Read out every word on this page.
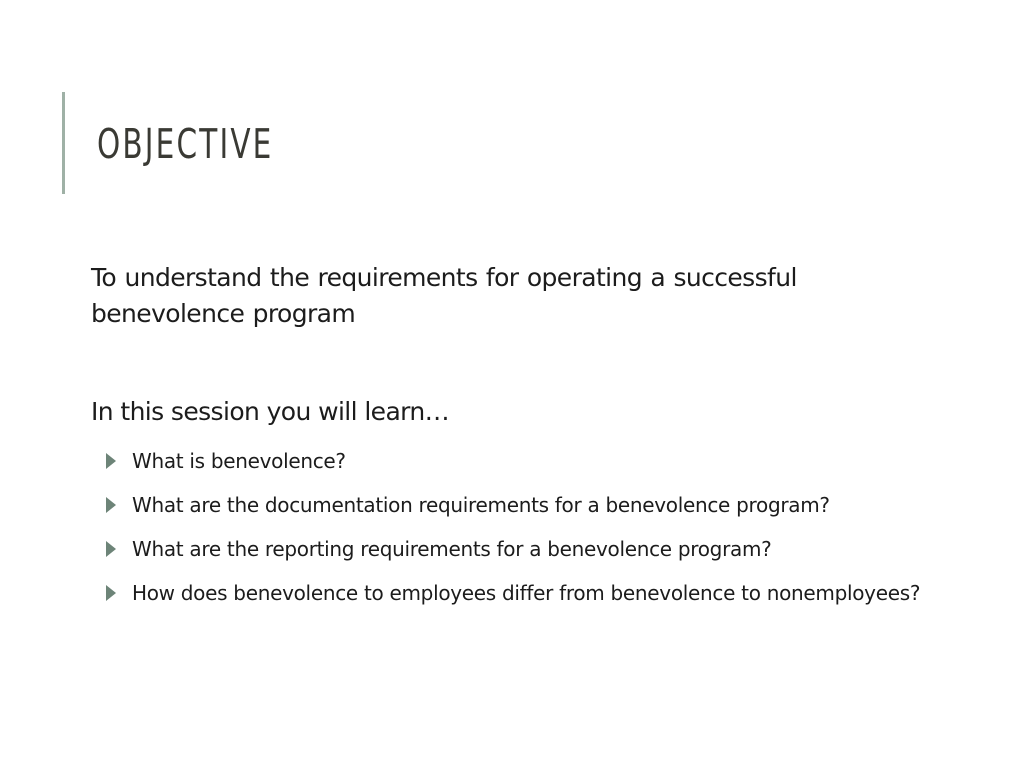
OBJECTIVE

To understand the requirements for operating a successful benevolence program

In this session you will learn…

What is benevolence?
What are the documentation requirements for a benevolence program?
What are the reporting requirements for a benevolence program?
How does benevolence to employees differ from benevolence to nonemployees?
